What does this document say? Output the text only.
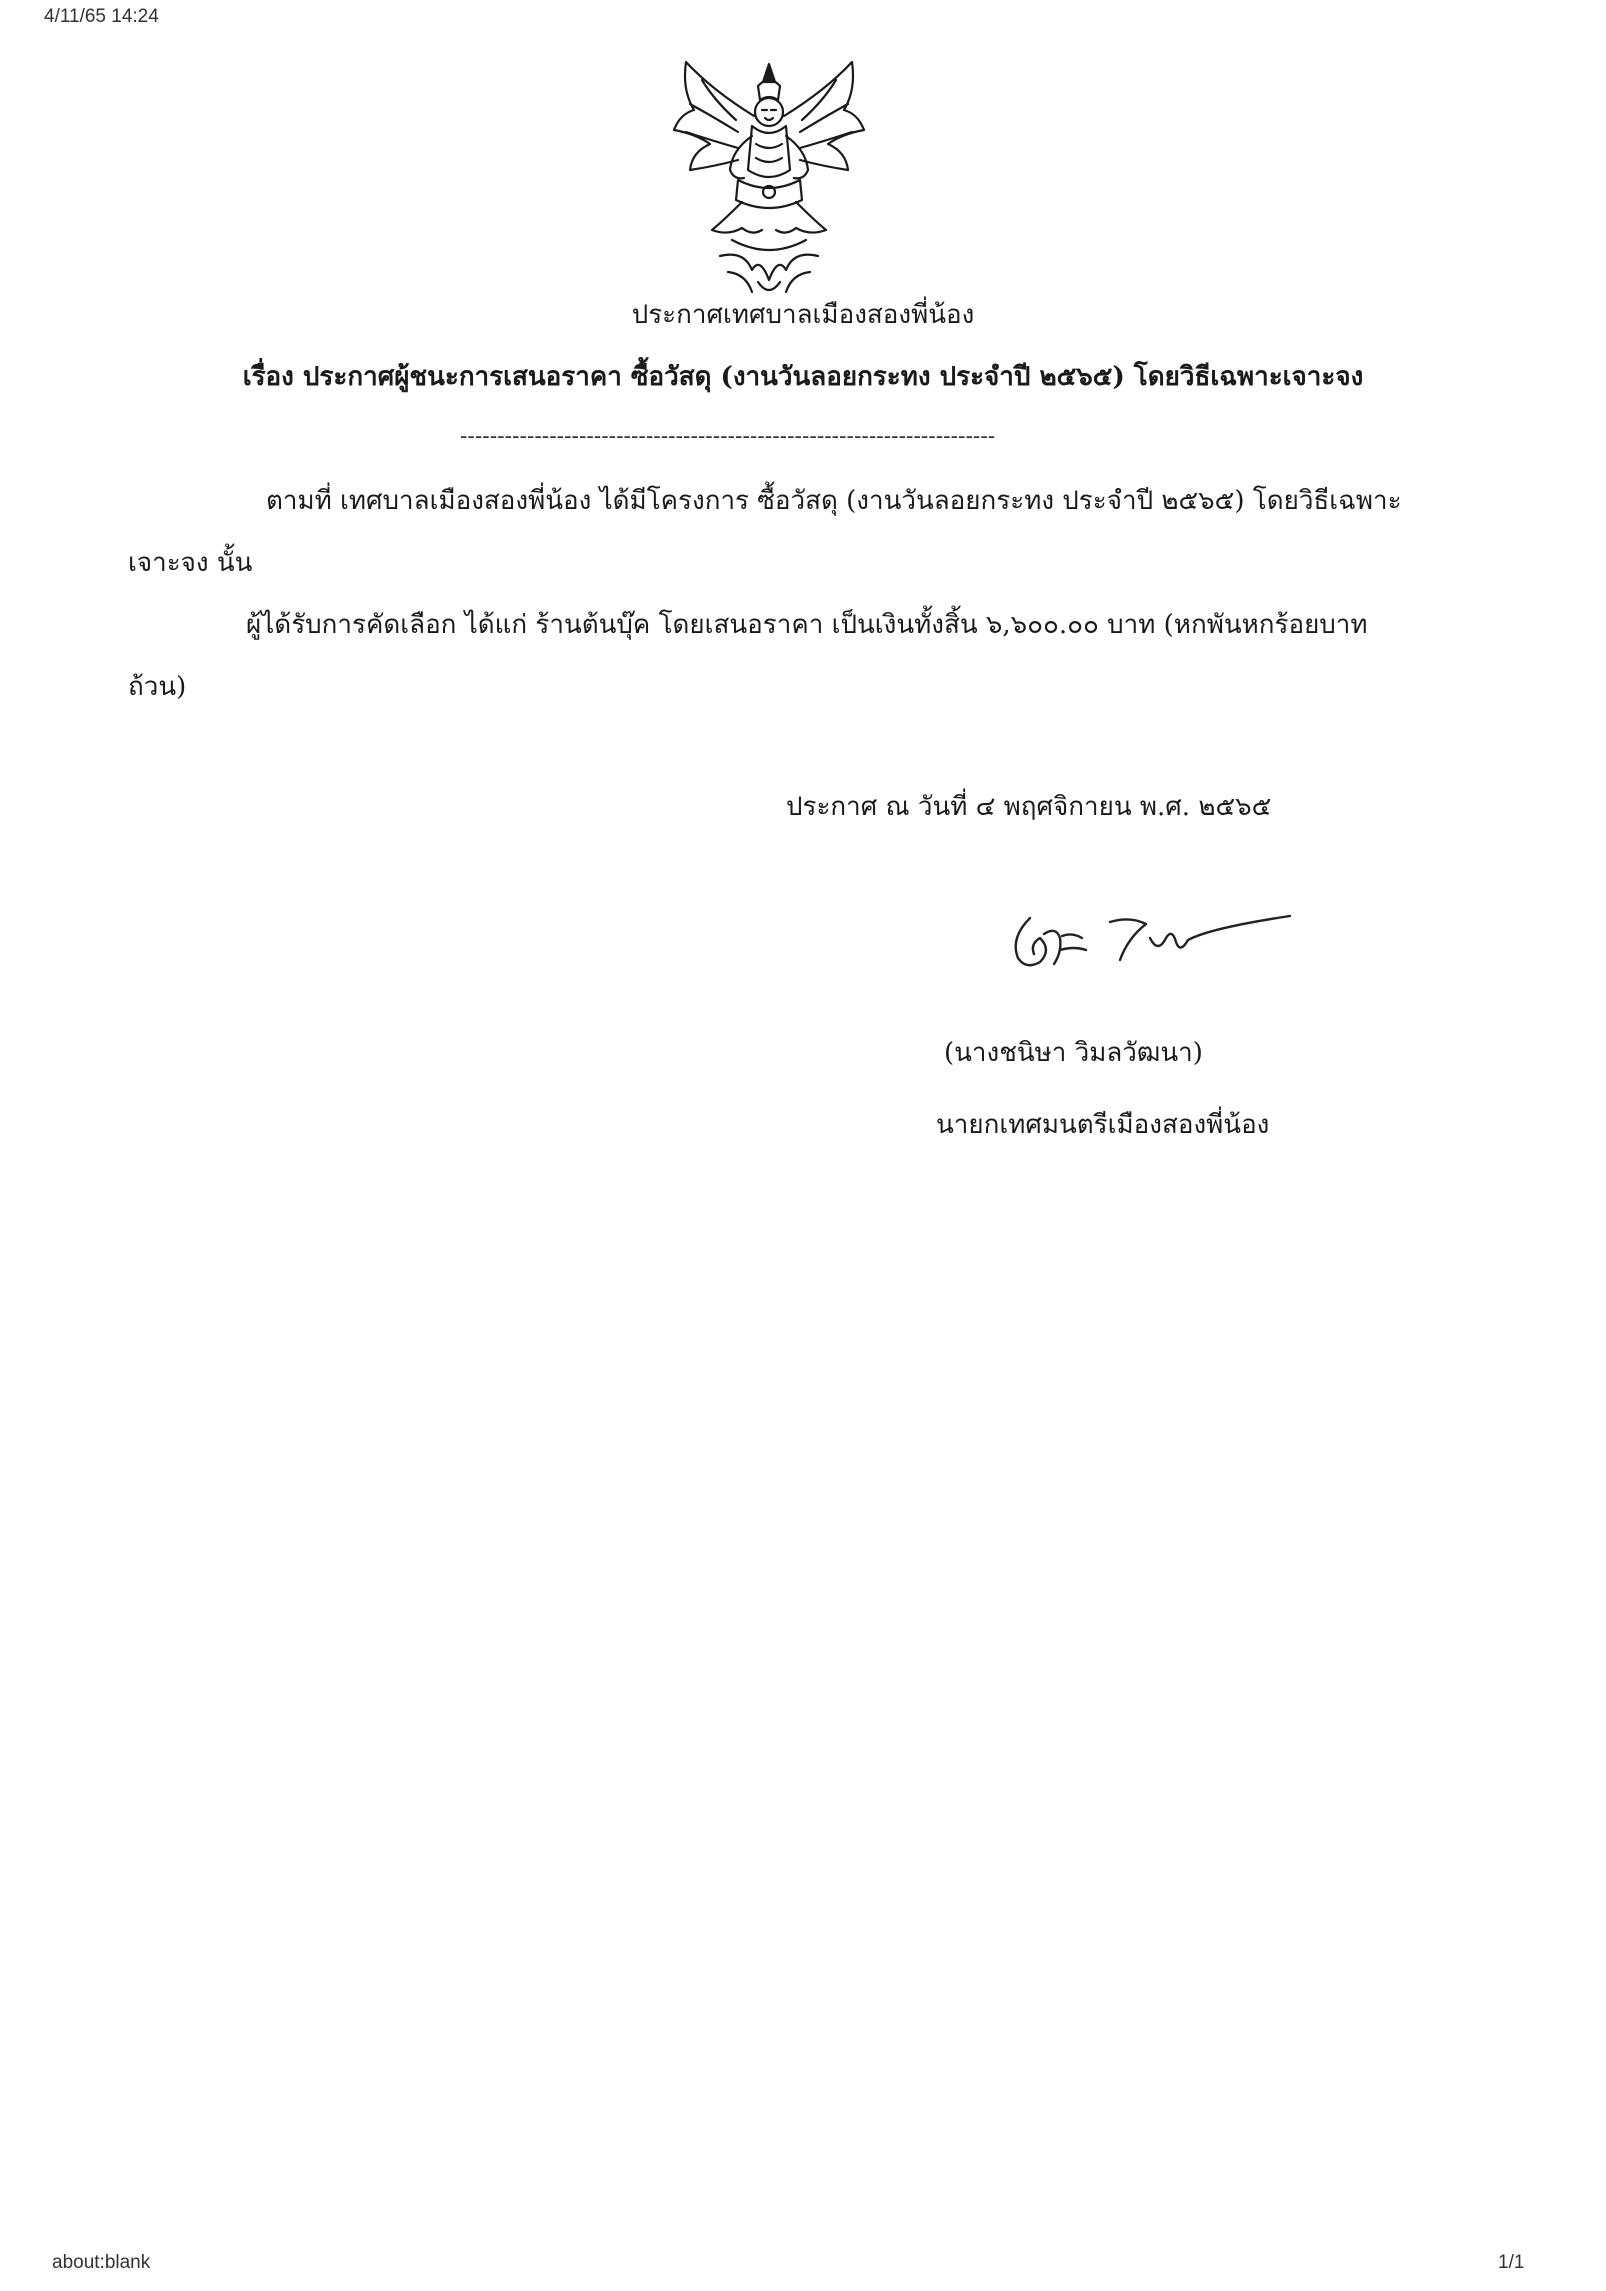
4/11/65 14:24
ประกาศเทศบาลเมืองสองพี่น้อง
เรื่อง ประกาศผู้ชนะการเสนอราคา ซื้อวัสดุ (งานวันลอยกระทง ประจำปี ๒๕๖๕) โดยวิธีเฉพาะเจาะจง
------------------------------------------------------------------------
ตามที่ เทศบาลเมืองสองพี่น้อง ได้มีโครงการ ซื้อวัสดุ (งานวันลอยกระทง ประจำปี ๒๕๖๕) โดยวิธีเฉพาะ
เจาะจง นั้น
ผู้ได้รับการคัดเลือก ได้แก่ ร้านต้นบุ๊ค โดยเสนอราคา เป็นเงินทั้งสิ้น ๖,๖๐๐.๐๐ บาท (หกพันหกร้อยบาท
ถ้วน)
ประกาศ ณ วันที่ ๔ พฤศจิกายน พ.ศ. ๒๕๖๕
(นางชนิษา วิมลวัฒนา)
นายกเทศมนตรีเมืองสองพี่น้อง
about:blank	1/1
